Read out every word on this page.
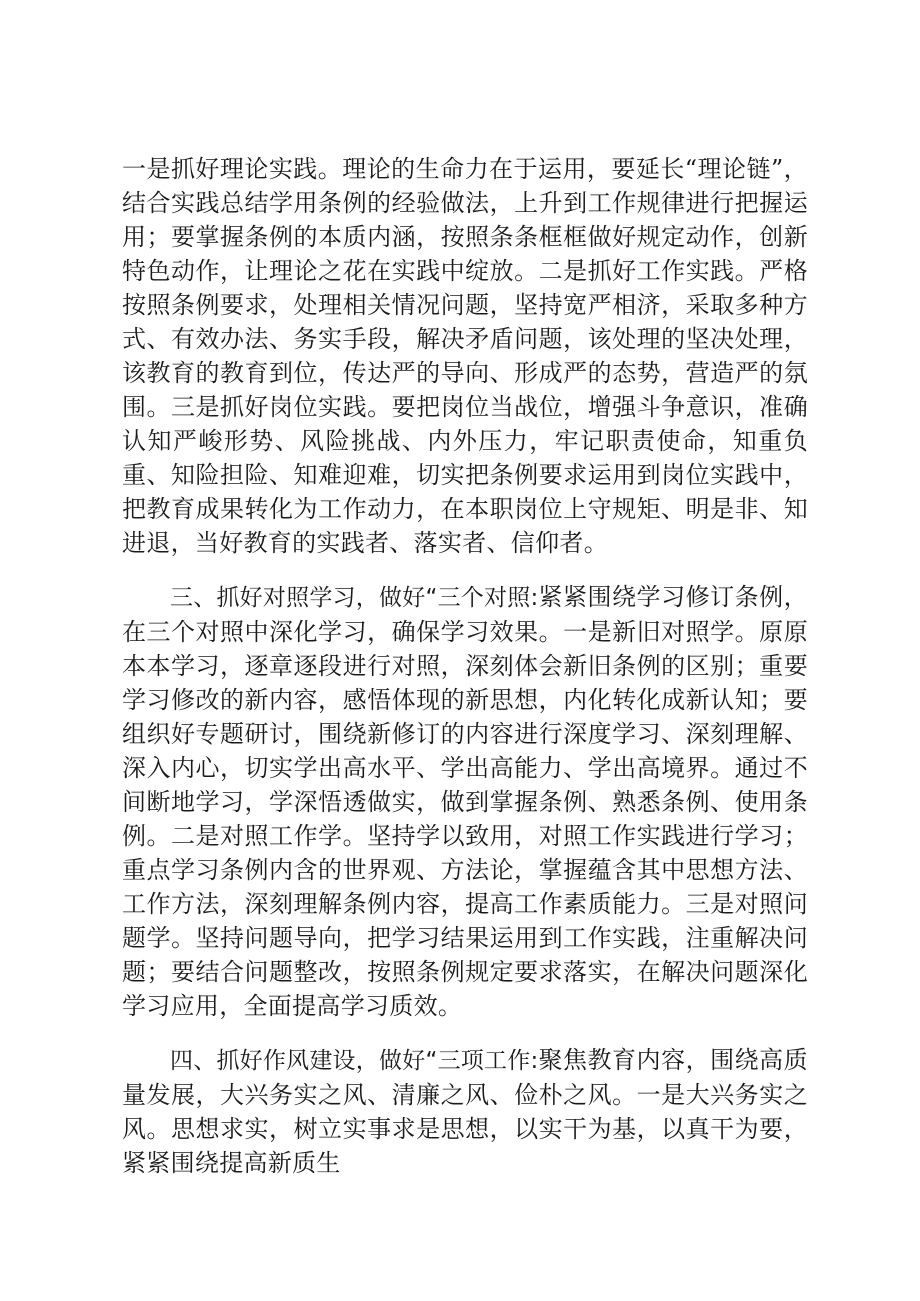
一是抓好理论实践。理论的生命力在于运用，要延长“理论链”，结合实践总结学用条例的经验做法，上升到工作规律进行把握运用；要掌握条例的本质内涵，按照条条框框做好规定动作，创新特色动作，让理论之花在实践中绽放。二是抓好工作实践。严格按照条例要求，处理相关情况问题，坚持宽严相济，采取多种方式、有效办法、务实手段，解决矛盾问题，该处理的坚决处理，该教育的教育到位，传达严的导向、形成严的态势，营造严的氛围。三是抓好岗位实践。要把岗位当战位，增强斗争意识，准确认知严峻形势、风险挑战、内外压力，牢记职责使命，知重负重、知险担险、知难迎难，切实把条例要求运用到岗位实践中，把教育成果转化为工作动力，在本职岗位上守规矩、明是非、知进退，当好教育的实践者、落实者、信仰者。

三、抓好对照学习，做好“三个对照:紧紧围绕学习修订条例，在三个对照中深化学习，确保学习效果。一是新旧对照学。原原本本学习，逐章逐段进行对照，深刻体会新旧条例的区别；重要学习修改的新内容，感悟体现的新思想，内化转化成新认知；要组织好专题研讨，围绕新修订的内容进行深度学习、深刻理解、深入内心，切实学出高水平、学出高能力、学出高境界。通过不间断地学习，学深悟透做实，做到掌握条例、熟悉条例、使用条例。二是对照工作学。坚持学以致用，对照工作实践进行学习；重点学习条例内含的世界观、方法论，掌握蕴含其中思想方法、工作方法，深刻理解条例内容，提高工作素质能力。三是对照问题学。坚持问题导向，把学习结果运用到工作实践，注重解决问题；要结合问题整改，按照条例规定要求落实，在解决问题深化学习应用，全面提高学习质效。

四、抓好作风建设，做好“三项工作:聚焦教育内容，围绕高质量发展，大兴务实之风、清廉之风、俭朴之风。一是大兴务实之风。思想求实，树立实事求是思想，以实干为基，以真干为要，紧紧围绕提高新质生
